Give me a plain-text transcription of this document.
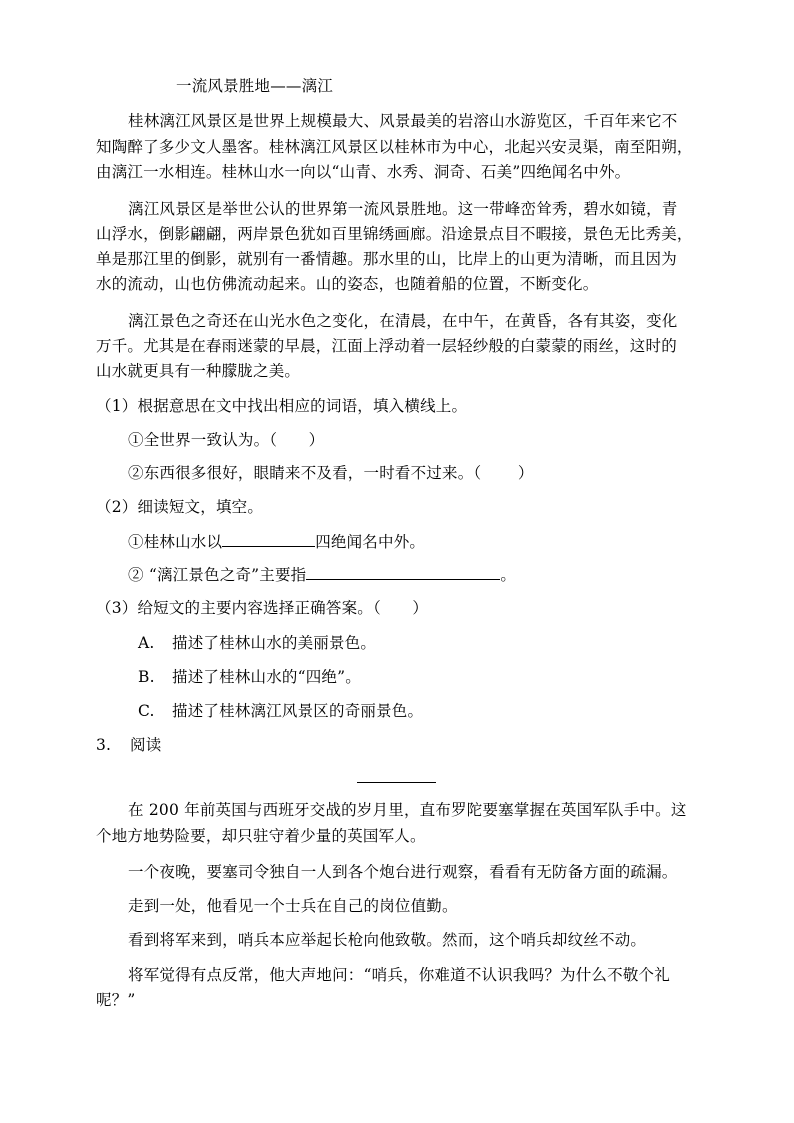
一流风景胜地——漓江
桂林漓江风景区是世界上规模最大、风景最美的岩溶山水游览区，千百年来它不
知陶醉了多少文人墨客。桂林漓江风景区以桂林市为中心，北起兴安灵渠，南至阳朔，
由漓江一水相连。桂林山水一向以“山青、水秀、洞奇、石美”四绝闻名中外。
漓江风景区是举世公认的世界第一流风景胜地。这一带峰峦耸秀，碧水如镜，青
山浮水，倒影翩翩，两岸景色犹如百里锦绣画廊。沿途景点目不暇接，景色无比秀美，
单是那江里的倒影，就别有一番情趣。那水里的山，比岸上的山更为清晰，而且因为
水的流动，山也仿佛流动起来。山的姿态，也随着船的位置，不断变化。
漓江景色之奇还在山光水色之变化，在清晨，在中午，在黄昏，各有其姿，变化
万千。尤其是在春雨迷蒙的早晨，江面上浮动着一层轻纱般的白蒙蒙的雨丝，这时的
山水就更具有一种朦胧之美。
（1）根据意思在文中找出相应的词语，填入横线上。
①全世界一致认为。（　　）
②东西很多很好，眼睛来不及看，一时看不过来。（　　 ）
（2）细读短文，填空。
①桂林山水以	四绝闻名中外。
② “漓江景色之奇”主要指	。
（3）给短文的主要内容选择正确答案。（　　）
A. 描述了桂林山水的美丽景色。
B. 描述了桂林山水的“四绝”。
C. 描述了桂林漓江风景区的奇丽景色。
3. 阅读
在 200 年前英国与西班牙交战的岁月里，直布罗陀要塞掌握在英国军队手中。这
个地方地势险要，却只驻守着少量的英国军人。
一个夜晚，要塞司令独自一人到各个炮台进行观察，看看有无防备方面的疏漏。
走到一处，他看见一个士兵在自己的岗位值勤。
看到将军来到，哨兵本应举起长枪向他致敬。然而，这个哨兵却纹丝不动。
将军觉得有点反常，他大声地问：“哨兵，你难道不认识我吗？为什么不敬个礼
呢？”
